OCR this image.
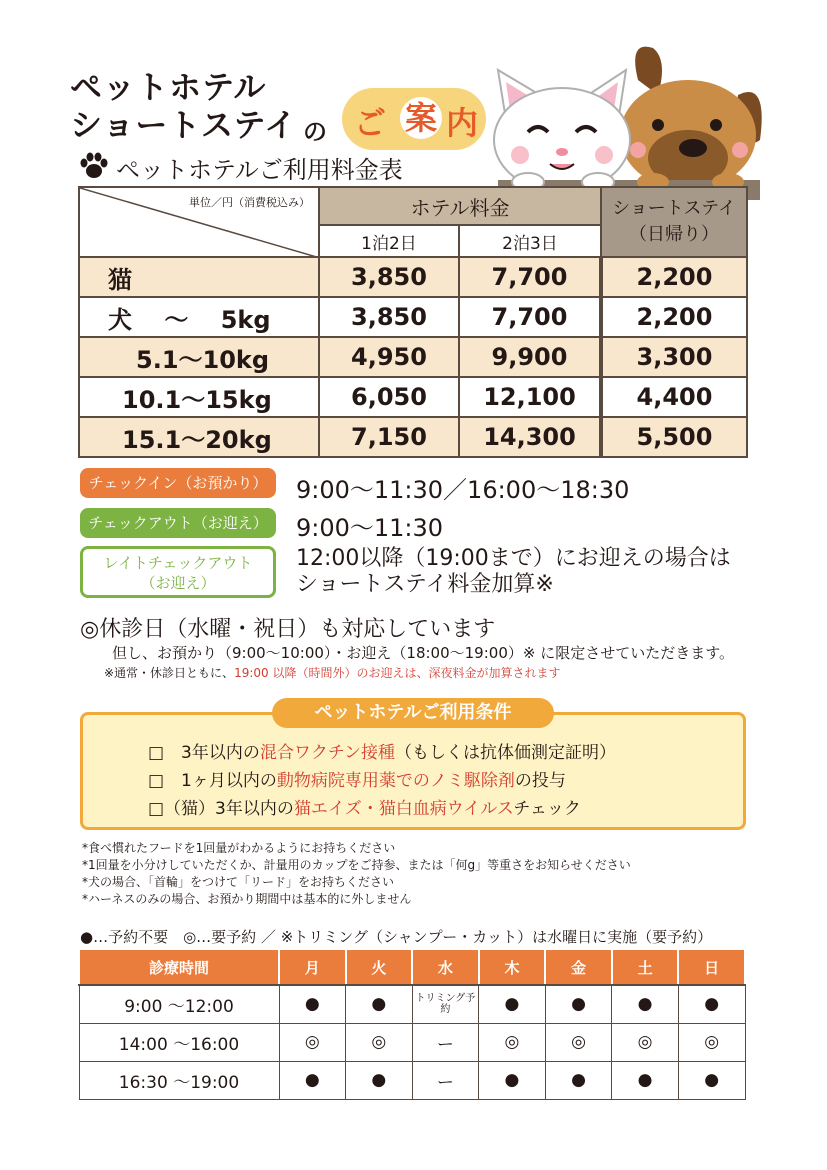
ペットホテル
ショートステイ の ご 案 内
ペットホテルご利用料金表
単位／円（消費税込み）	ホテル料金		ショートステイ
（日帰り）

	1泊2日	2泊3日	
猫	3,850	7,700	2,200
犬　 〜 　5kg	3,850	7,700	2,200
5.1〜10kg	4,950	9,900	3,300
10.1〜15kg	6,050	12,100	4,400
15.1〜20kg	7,150	14,300	5,500
チェックイン（お預かり）	9:00〜11:30／16:00〜18:30
チェックアウト（お迎え）	9:00〜11:30
レイトチェックアウト
（お迎え）
12:00以降（19:00まで）にお迎えの場合は
ショートステイ料金加算※
◎休診日（水曜・祝日）も対応しています
但し、お預かり（9:00〜10:00）・お迎え（18:00〜19:00）※ に限定させていただきます。
※通常・休診日ともに、19:00 以降（時間外）のお迎えは、深夜料金が加算されます
ペットホテルご利用条件
□　3年以内の混合ワクチン接種（もしくは抗体価測定証明）
□　1ヶ月以内の動物病院専用薬でのノミ駆除剤の投与
□（猫）3年以内の猫エイズ・猫白血病ウイルスチェック
*食べ慣れたフードを1回量がわかるようにお持ちください
*1回量を小分けしていただくか、計量用のカップをご持参、または「何g」等重さをお知らせください
*犬の場合、「首輪」をつけて「リード」をお持ちください
*ハーネスのみの場合、お預かり期間中は基本的に外しません
●…予約不要　◎…要予約 ／ ※トリミング（シャンプー・カット）は水曜日に実施（要予約）
診療時間	月	火	水	木	金	土	日
9:00 〜12:00	●	●	トリミング予約	●	●	●	●
14:00 〜16:00	◎	◎	ー	◎	◎	◎	◎
16:30 〜19:00	●	●	ー	●	●	●	●
